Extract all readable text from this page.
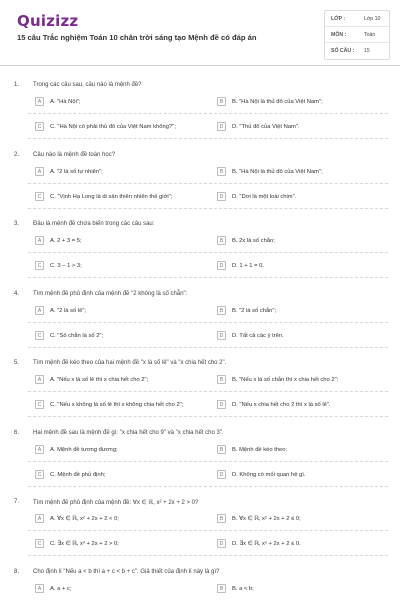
Quizizz
15 câu Trắc nghiệm Toán 10 chân trời sáng tạo Mệnh đề có đáp án
LỚP :	Lớp 10
MÔN :	Toán
SỐ CÂU :	15
1. Trong các câu sau, câu nào là mệnh đề?
A	A. "Hà Nội";	B	B. "Hà Nội là thủ đô của Việt Nam";
C	C. "Hà Nội có phải thủ đô của Việt Nam không?";	D	D. "Thủ đô của Việt Nam".
2. Câu nào là mệnh đề toán học?
A	A. "2 là số tự nhiên";	B	B. "Hà Nội là thủ đô của Việt Nam";
C	C. "Vịnh Hạ Long là di sản thiên nhiên thế giới";	D	D. "Dơi là một loài chim".
3. Đâu là mệnh đề chứa biến trong các câu sau:
A	A. 2 + 3 = 5;	B	B. 2x là số chẵn;
C	C. 3 – 1 > 3;	D	D. 1 + 1 = 0.
4. Tìm mệnh đề phủ định của mệnh đề "2 không là số chẵn":
A	A. "2 là số lẻ";	B	B. "2 là số chẵn";
C	C. "Số chẵn là số 2";	D	D. Tất cả các ý trên.
5. Tìm mệnh đề kéo theo của hai mệnh đề "x là số lẻ" và "x chia hết cho 2".
A	A. "Nếu x là số lẻ thì x chia hết cho 2";	B	B. "Nếu x là số chẵn thì x chia hết cho 2";
C	C. "Nếu x không là số lẻ thì x không chia hết cho 2";	D	D. "Nếu x chia hết cho 2 thì x là số lẻ".
6. Hai mệnh đề sau là mệnh đề gì: "x chia hết cho 9" và "x chia hết cho 3".
A	A. Mệnh đề tương đương;	B	B. Mệnh đề kéo theo;
C	C. Mệnh đề phủ định;	D	D. Không có mối quan hệ gì.
7. Tìm mệnh đề phủ định của mệnh đề: ∀x ∈ ℝ, x² + 2x + 2 > 0?
A	A. ∀x ∈ ℝ, x² + 2x + 2 < 0;	B	B. ∀x ∈ ℝ, x² + 2x + 2 ≤ 0;
C	C. ∃x ∈ ℝ, x² + 2x + 2 > 0;	D	D. ∃x ∈ ℝ, x² + 2x + 2 ≤ 0.
8. Cho định lí "Nếu a < b thì a + c < b + c". Giả thiết của định lí này là gì?
A	A. a + c;	B	B. a < b;
